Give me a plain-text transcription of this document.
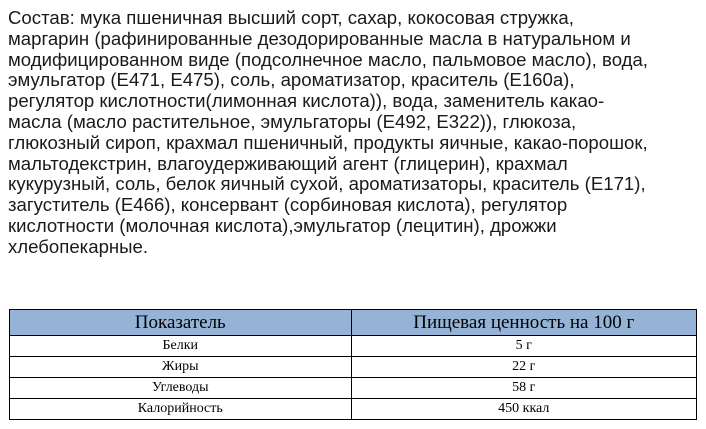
Состав: мука пшеничная высший сорт, сахар, кокосовая стружка,
маргарин (рафинированные дезодорированные масла в натуральном и
модифицированном виде (подсолнечное масло, пальмовое масло), вода,
эмульгатор (Е471, Е475), соль, ароматизатор, краситель (Е160а),
регулятор кислотности(лимонная кислота)), вода, заменитель какао-
масла (масло растительное, эмульгаторы (Е492, Е322)), глюкоза,
глюкозный сироп, крахмал пшеничный, продукты яичные, какао-порошок,
мальтодекстрин, влагоудерживающий агент (глицерин), крахмал
кукурузный, соль, белок яичный сухой, ароматизаторы, краситель (Е171),
загуститель (Е466), консервант (сорбиновая кислота), регулятор
кислотности (молочная кислота),эмульгатор (лецитин), дрожжи
хлебопекарные.
Показатель	Пищевая ценность на 100 г
Белки	5 г
Жиры	22 г
Углеводы	58 г
Калорийность	450 ккал
